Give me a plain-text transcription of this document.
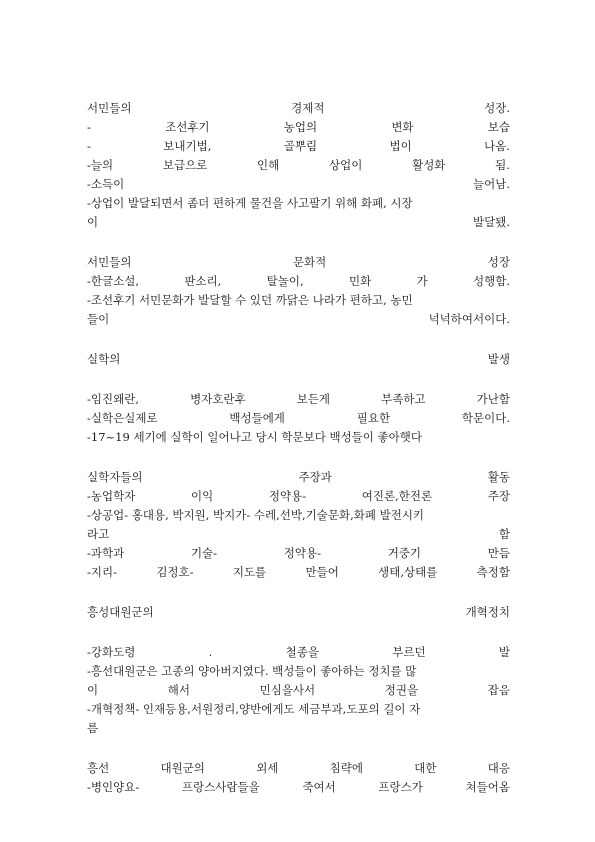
서민들의	경제적	성장.
-	조선후기	농업의	변화	보습
-	보내기법,	골뿌림	법이	나옴.
-늘의	보급으로	인해	상업이	활성화	됨.
-소득이	늘어남.
-상업이 발달되면서 좀더 편하게 물건을 사고팔기 위해 화폐, 시장
이	발달됐.
서민들의	문화적	성장
-한글소설,	판소리,	탈놀이,	민화	가	성행함.
-조선후기 서민문화가 발달할 수 있던 까닭은 나라가 편하고, 농민
들이	넉넉하여서이다.
실학의	발생
-임진왜란,	병자호란후	보든게	부족하고	가난함
-실학은실제로	백성들에게	필요한	학문이다.
-17~19 세기에 실학이 일어나고 당시 학문보다 백성들이 좋아햇다
실학자들의	주장과	활동
-농업학자	이익	정약용-	여진론,한전론	주장
-상공업- 홍대용, 박지원, 박지가- 수레,선박,기술문화,화폐 발전시키
라고	함
-과학과	기술-	정약용-	거중기	만듬
-지리-	김정호-	지도를	만들어	생태,상태를	측정함
흥성대원군의	개혁정치
-강화도령	.	철종을	부르던	발
-흥선대원군은 고종의 양아버지였다. 백성들이 좋아하는 정치를 많
이	해서	민심을사서	정권을	잡음
-개혁정책- 인재등용,서원정리,양반에게도 세금부과,도포의 길이 자
름
흥선	대원군의	외세	침략에	대한	대응
-병인양요-	프랑스사람들을	죽여서	프랑스가	쳐들어옴
